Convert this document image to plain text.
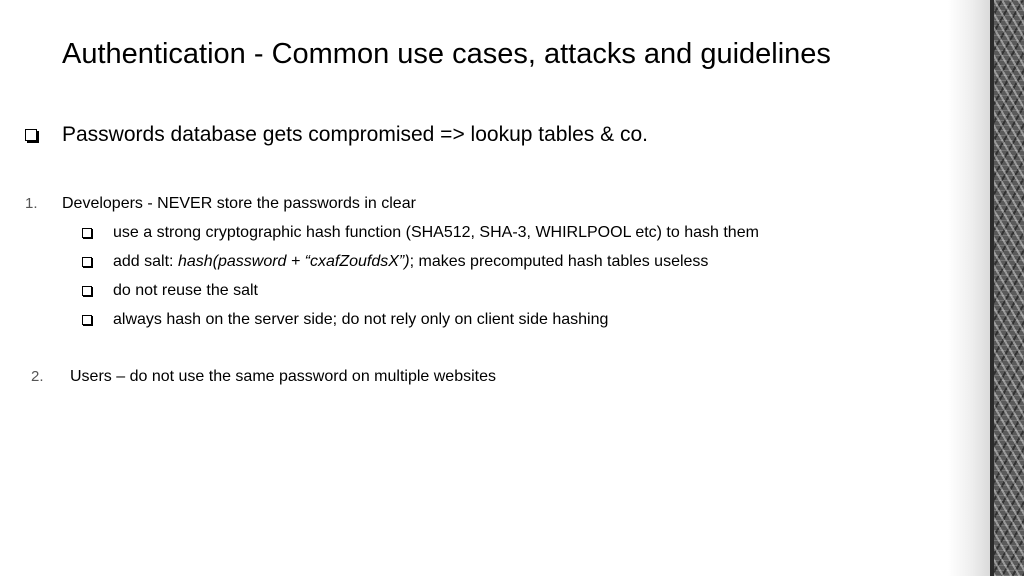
Authentication - Common use cases, attacks and guidelines
Passwords database gets compromised => lookup tables & co.
1. Developers - NEVER store the passwords in clear
use a strong cryptographic hash function (SHA512, SHA-3, WHIRLPOOL etc) to hash them
add salt: hash(password + “cxafZoufdsX”); makes precomputed hash tables useless
do not reuse the salt
always hash on the server side; do not rely only on client side hashing
2. Users – do not use the same password on multiple websites
